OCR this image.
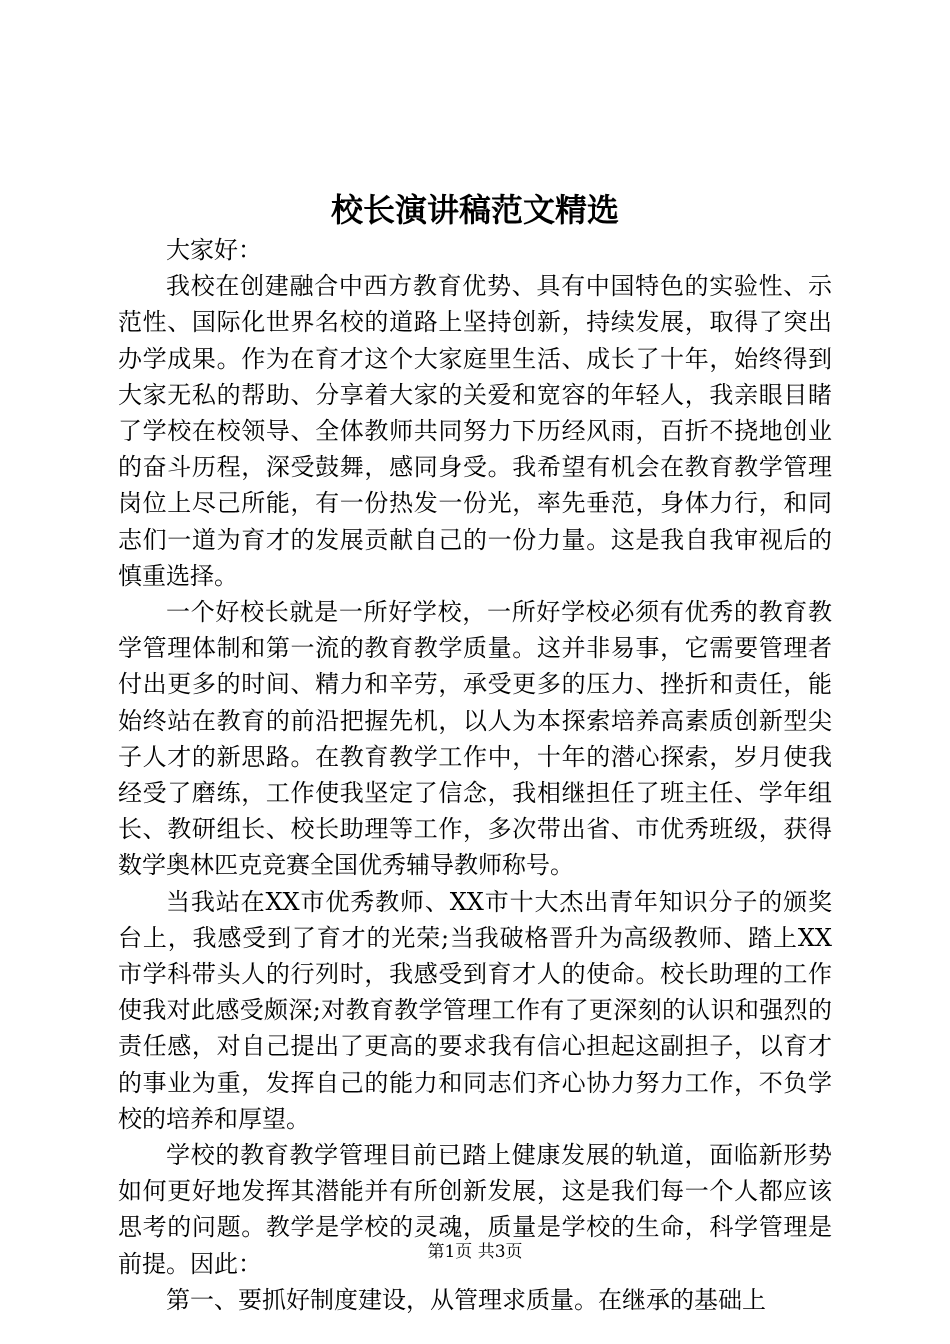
校长演讲稿范文精选

大家好：

我校在创建融合中西方教育优势、具有中国特色的实验性、示范性、国际化世界名校的道路上坚持创新，持续发展，取得了突出办学成果。作为在育才这个大家庭里生活、成长了十年，始终得到大家无私的帮助、分享着大家的关爱和宽容的年轻人，我亲眼目睹了学校在校领导、全体教师共同努力下历经风雨，百折不挠地创业的奋斗历程，深受鼓舞，感同身受。我希望有机会在教育教学管理岗位上尽己所能，有一份热发一份光，率先垂范，身体力行，和同志们一道为育才的发展贡献自己的一份力量。这是我自我审视后的慎重选择。

一个好校长就是一所好学校，一所好学校必须有优秀的教育教学管理体制和第一流的教育教学质量。这并非易事，它需要管理者付出更多的时间、精力和辛劳，承受更多的压力、挫折和责任，能始终站在教育的前沿把握先机，以人为本探索培养高素质创新型尖子人才的新思路。在教育教学工作中，十年的潜心探索，岁月使我经受了磨练，工作使我坚定了信念，我相继担任了班主任、学年组长、教研组长、校长助理等工作，多次带出省、市优秀班级，获得数学奥林匹克竞赛全国优秀辅导教师称号。

当我站在XX市优秀教师、XX市十大杰出青年知识分子的颁奖台上，我感受到了育才的光荣;当我破格晋升为高级教师、踏上XX市学科带头人的行列时，我感受到育才人的使命。校长助理的工作使我对此感受颇深;对教育教学管理工作有了更深刻的认识和强烈的责任感，对自己提出了更高的要求我有信心担起这副担子，以育才的事业为重，发挥自己的能力和同志们齐心协力努力工作，不负学校的培养和厚望。

学校的教育教学管理目前已踏上健康发展的轨道，面临新形势如何更好地发挥其潜能并有所创新发展，这是我们每一个人都应该思考的问题。教学是学校的灵魂，质量是学校的生命，科学管理是前提。因此：

第一、要抓好制度建设，从管理求质量。在继承的基础上

第1页 共3页
